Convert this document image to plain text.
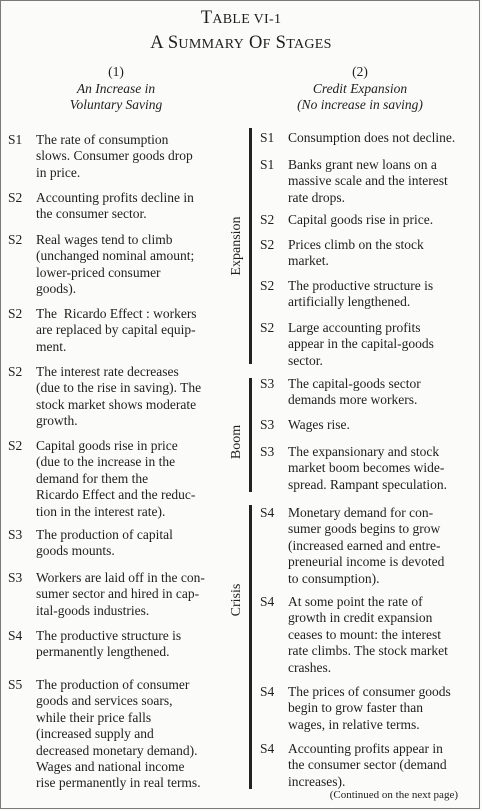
TABLE VI-1
A SUMMARY OF STAGES
(1)
An Increase in
Voluntary Saving
(2)
Credit Expansion
(No increase in saving)
S1 The rate of consumption
slows. Consumer goods drop
in price.
S2 Accounting profits decline in
the consumer sector.
S2 Real wages tend to climb
(unchanged nominal amount;
lower-priced consumer
goods).
S2 The  Ricardo Effect : workers
are replaced by capital equip-
ment.
S2 The interest rate decreases
(due to the rise in saving). The
stock market shows moderate
growth.
S2 Capital goods rise in price
(due to the increase in the
demand for them the
Ricardo Effect and the reduc-
tion in the interest rate).
S3 The production of capital
goods mounts.
S3 Workers are laid off in the con-
sumer sector and hired in cap-
ital-goods industries.
S4 The productive structure is
permanently lengthened.
S5 The production of consumer
goods and services soars,
while their price falls
(increased supply and
decreased monetary demand).
Wages and national income
rise permanently in real terms.
S1 Consumption does not decline.
S1 Banks grant new loans on a
massive scale and the interest
rate drops.
S2 Capital goods rise in price.
S2 Prices climb on the stock
market.
S2 The productive structure is
artificially lengthened.
S2 Large accounting profits
appear in the capital-goods
sector.
S3 The capital-goods sector
demands more workers.
S3 Wages rise.
S3 The expansionary and stock
market boom becomes wide-
spread. Rampant speculation.
S4 Monetary demand for con-
sumer goods begins to grow
(increased earned and entre-
preneurial income is devoted
to consumption).
S4 At some point the rate of
growth in credit expansion
ceases to mount: the interest
rate climbs. The stock market
crashes.
S4 The prices of consumer goods
begin to grow faster than
wages, in relative terms.
S4 Accounting profits appear in
the consumer sector (demand
increases).
Expansion
Boom
Crisis
(Continued on the next page)
